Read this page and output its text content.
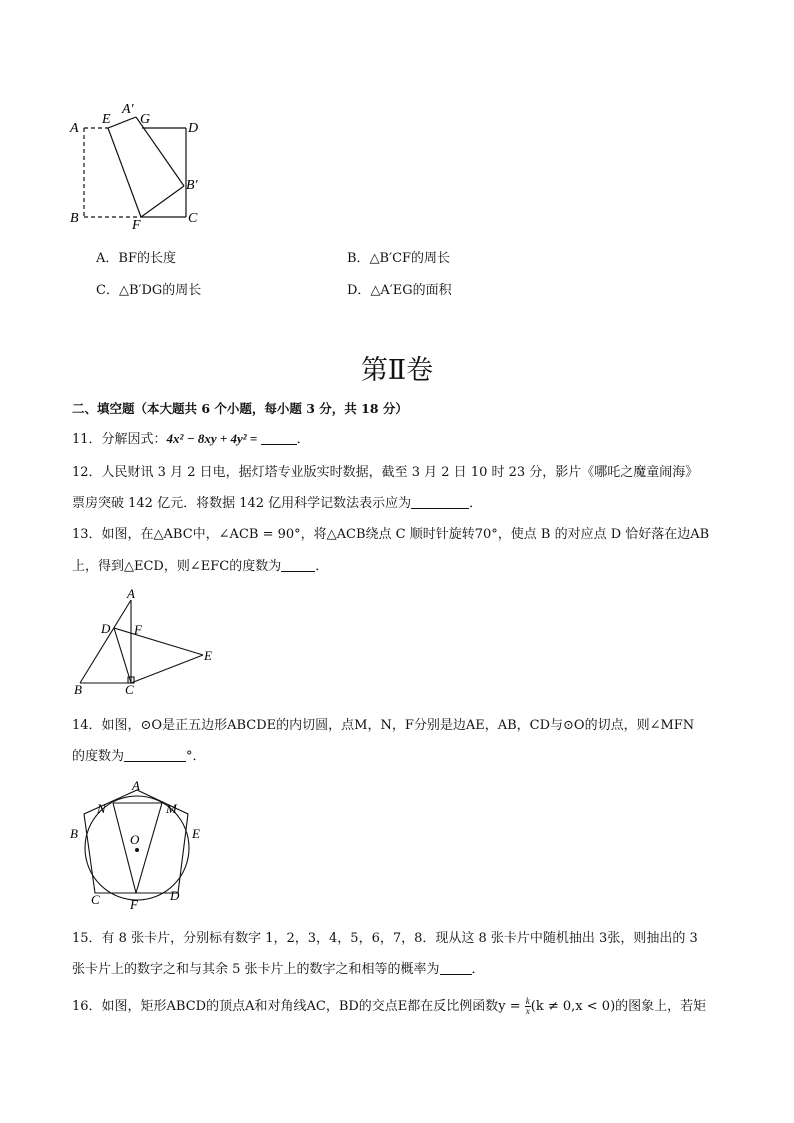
A
E
A′
G
D
B′
B	F	C
A．BF的长度	B．△B′CF的周长
C．△B′DG的周长	D．△A′EG的面积
第Ⅱ卷
二、填空题（本大题共 6 个小题，每小题 3 分，共 18 分）
11．分解因式：4x² − 8xy + 4y² =	．
12．人民财讯 3 月 2 日电，据灯塔专业版实时数据，截至 3 月 2 日 10 时 23 分，影片《哪吒之魔童闹海》
票房突破 142 亿元．将数据 142 亿用科学记数法表示应为	．
13．如图，在△ABC中，∠ACB = 90°，将△ACB绕点 C 顺时针旋转70°，使点 B 的对应点 D 恰好落在边AB
上，得到△ECD，则∠EFC的度数为	．
A
D F
E
B	C
14．如图，⊙O是正五边形ABCDE的内切圆，点M，N，F分别是边AE，AB，CD与⊙O的切点，则∠MFN
的度数为	°．
A
N	M
B	O	E
C F
D
15．有 8 张卡片，分别标有数字 1，2，3，4，5，6，7，8．现从这 8 张卡片中随机抽出 3张，则抽出的 3
张卡片上的数字之和与其余 5 张卡片上的数字之和相等的概率为 ．
16．如图，矩形ABCD的顶点A和对角线AC，BD的交点E都在反比例函数$y = \frac{k}{x} (k \ne 0,x < 0)$的图象上，若矩
